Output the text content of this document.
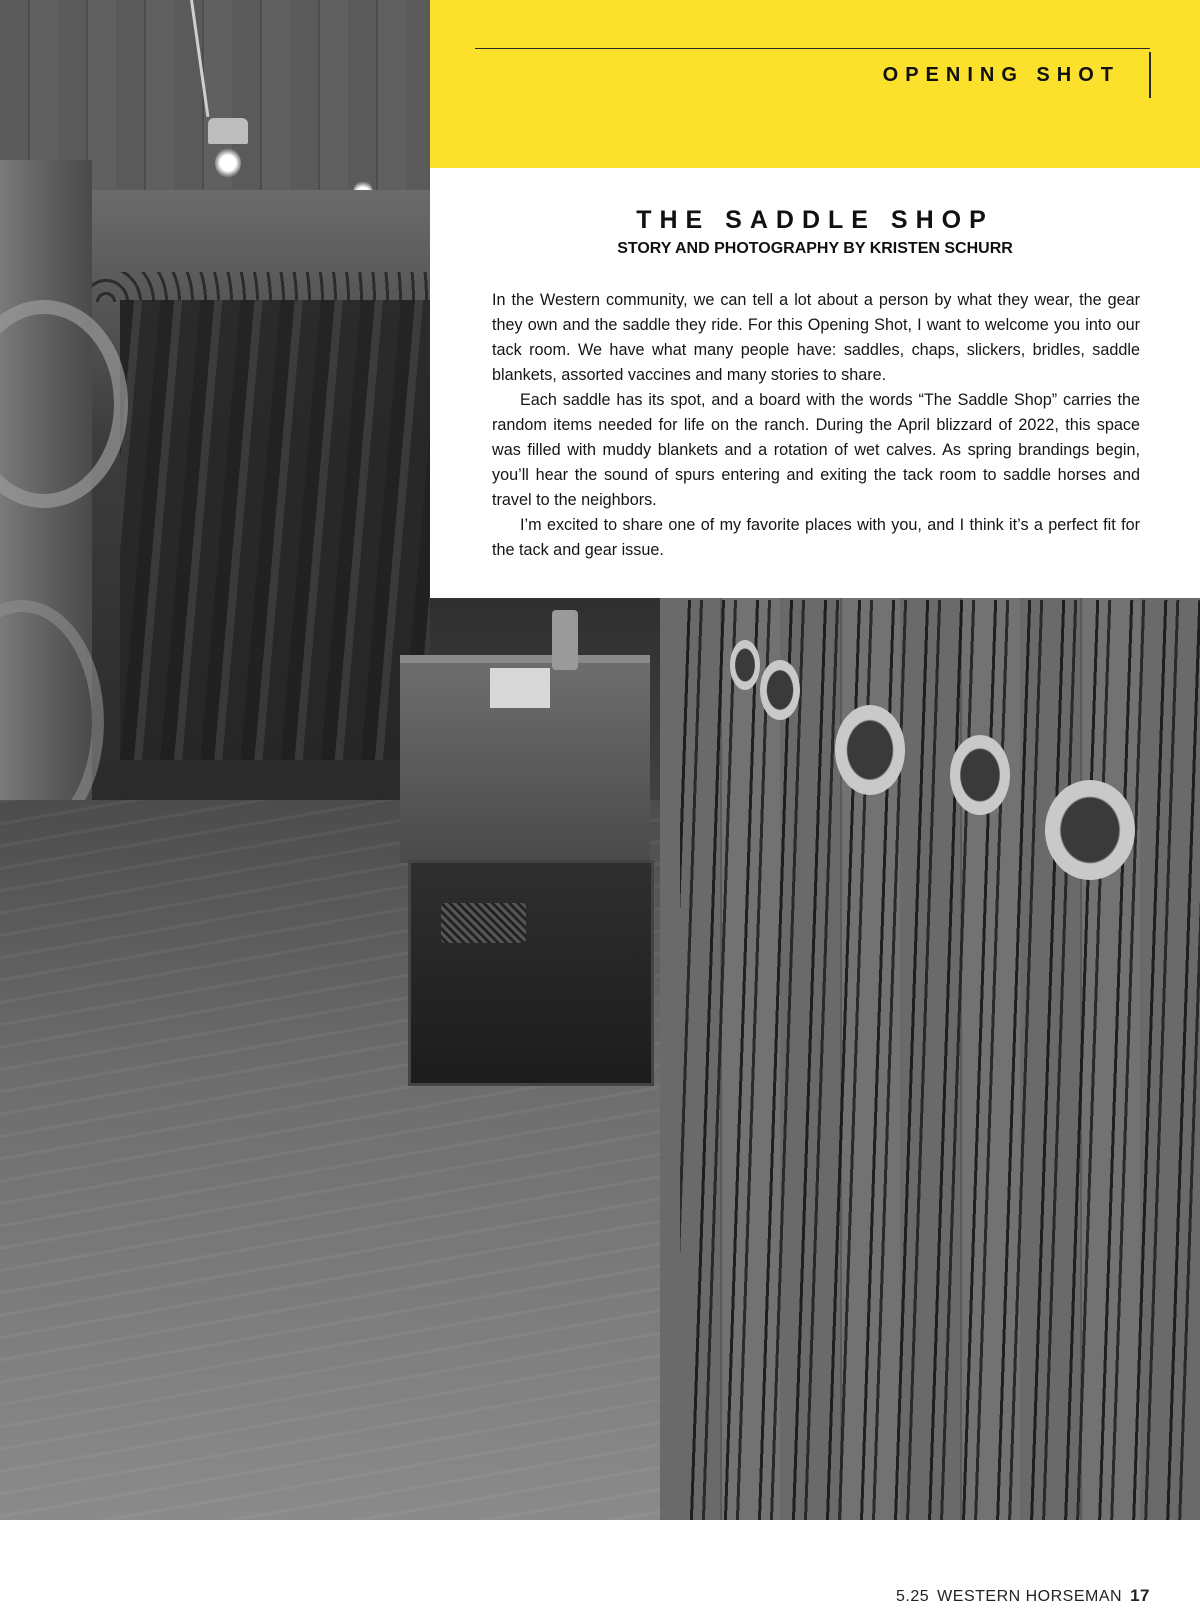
OPENING SHOT
THE SADDLE SHOP
STORY AND PHOTOGRAPHY BY KRISTEN SCHURR

In the Western community, we can tell a lot about a person by what they wear, the gear they own and the saddle they ride. For this Opening Shot, I want to welcome you into our tack room. We have what many people have: saddles, chaps, slickers, bridles, saddle blankets, assorted vaccines and many stories to share.

Each saddle has its spot, and a board with the words “The Saddle Shop” carries the random items needed for life on the ranch. During the April blizzard of 2022, this space was filled with muddy blankets and a rotation of wet calves. As spring brandings begin, you’ll hear the sound of spurs entering and exiting the tack room to saddle horses and travel to the neighbors.

I’m excited to share one of my favorite places with you, and I think it’s a perfect fit for the tack and gear issue.

5.25 WESTERN HORSEMAN 17
